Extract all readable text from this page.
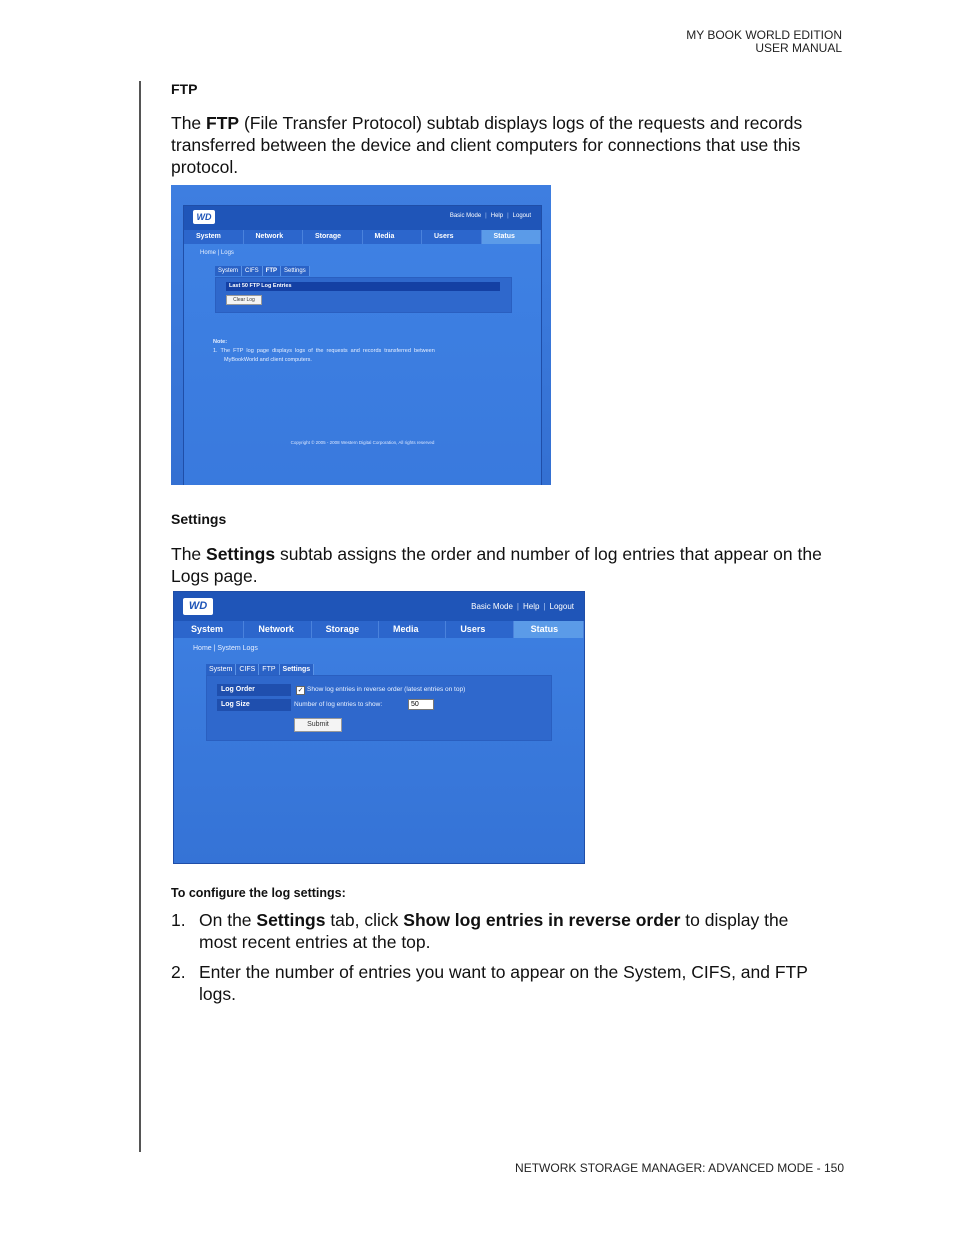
MY BOOK WORLD EDITION
USER MANUAL
FTP
The FTP (File Transfer Protocol) subtab displays logs of the requests and records
transferred between the device and client computers for connections that use this
protocol.
WD	Basic Mode | Help | Logout
System	Network	Storage	Media	Users	Status
Home | Logs
System	CIFS	FTP	Settings
Last 50 FTP Log Entries
Clear Log
Note:
1.  The  FTP  log  page  displays  logs  of  the  requests  and  records  transferred  between
MyBookWorld and client computers.
Copyright © 2005 - 2008 Western Digital Corporation, All rights reserved
Settings
The Settings subtab assigns the order and number of log entries that appear on the
Logs page.
WD	Basic Mode | Help | Logout
System	Network	Storage	Media	Users	Status
Home | System Logs
System	CIFS	FTP	Settings
Log Order	✓ Show log entries in reverse order (latest entries on top)
Log Size	Number of log entries to show:	50
Submit
To configure the log settings:
1. On the Settings tab, click Show log entries in reverse order to display the
most recent entries at the top.
2. Enter the number of entries you want to appear on the System, CIFS, and FTP
logs.
NETWORK STORAGE MANAGER: ADVANCED MODE - 150
